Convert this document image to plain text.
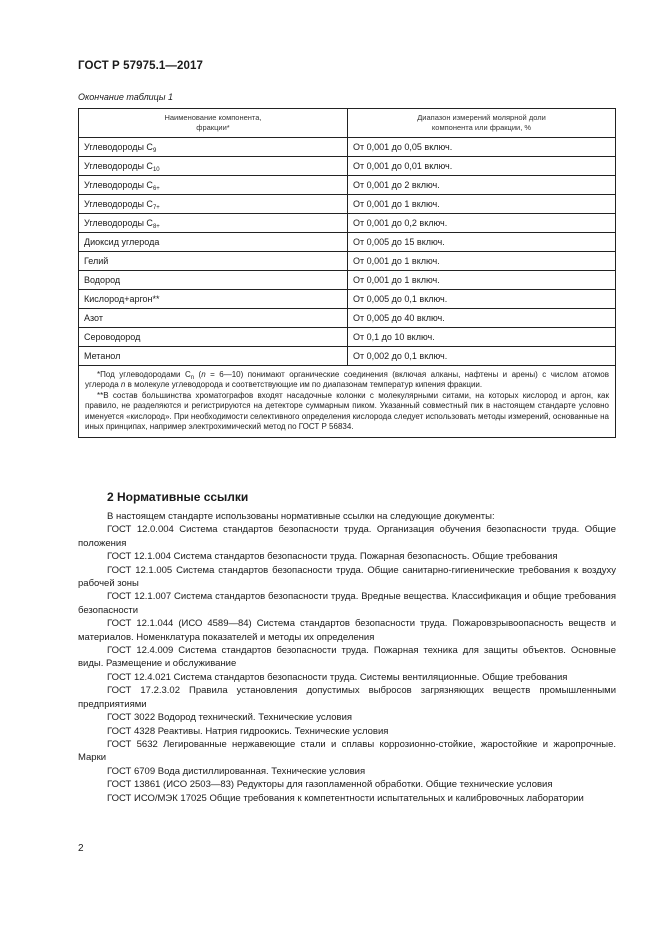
ГОСТ Р 57975.1—2017
Окончание таблицы 1
Наименование компонента,
фракции*	Диапазон измерений молярной доли
компонента или фракции, %
Углеводороды $C_9$	От 0,001 до 0,05 включ.
Углеводороды $C_{10}$	От 0,001 до 0,01 включ.
Углеводороды $C_{6+}$	От 0,001 до 2 включ.
Углеводороды $C_{7+}$	От 0,001 до 1 включ.
Углеводороды $C_{8+}$	От 0,001 до 0,2 включ.
Диоксид углерода	От 0,005 до 15 включ.
Гелий	От 0,001 до 1 включ.
Водород	От 0,001 до 1 включ.
Кислород+аргон**	От 0,005 до 0,1 включ.
Азот	От 0,005 до 40 включ.
Сероводород	От 0,1 до 10 включ.
Метанол	От 0,002 до 0,1 включ.

*Под углеводородами $C_n$ (n = 6—10) понимают органические соединения (включая алканы, нафтены и арены) с числом атомов углерода n в молекуле углеводорода и соответствующие им по диапазонам температур кипения фракции.
**В состав большинства хроматографов входят насадочные колонки с молекулярными ситами, на которых кислород и аргон, как правило, не разделяются и регистрируются на детекторе суммарным пиком. Указанный совместный пик в настоящем стандарте условно именуется «кислород». При необходимости селективного определения кислорода следует использовать методы измерений, основанные на иных принципах, например электрохимический метод по ГОСТ Р 56834.	
2 Нормативные ссылки

В настоящем стандарте использованы нормативные ссылки на следующие документы:

ГОСТ 12.0.004 Система стандартов безопасности труда. Организация обучения безопасности труда. Общие положения

ГОСТ 12.1.004 Система стандартов безопасности труда. Пожарная безопасность. Общие требования

ГОСТ 12.1.005 Система стандартов безопасности труда. Общие санитарно-гигиенические требования к воздуху рабочей зоны

ГОСТ 12.1.007 Система стандартов безопасности труда. Вредные вещества. Классификация и общие требования безопасности

ГОСТ 12.1.044 (ИСО 4589—84) Система стандартов безопасности труда. Пожаровзрывоопасность веществ и материалов. Номенклатура показателей и методы их определения

ГОСТ 12.4.009 Система стандартов безопасности труда. Пожарная техника для защиты объектов. Основные виды. Размещение и обслуживание

ГОСТ 12.4.021 Система стандартов безопасности труда. Системы вентиляционные. Общие требования

ГОСТ 17.2.3.02 Правила установления допустимых выбросов загрязняющих веществ промышленными предприятиями

ГОСТ 3022 Водород технический. Технические условия

ГОСТ 4328 Реактивы. Натрия гидроокись. Технические условия

ГОСТ 5632 Легированные нержавеющие стали и сплавы коррозионно-стойкие, жаростойкие и жаропрочные. Марки

ГОСТ 6709 Вода дистиллированная. Технические условия

ГОСТ 13861 (ИСО 2503—83) Редукторы для газопламенной обработки. Общие технические условия

ГОСТ ИСО/МЭК 17025 Общие требования к компетентности испытательных и калибровочных лаборатории

2
